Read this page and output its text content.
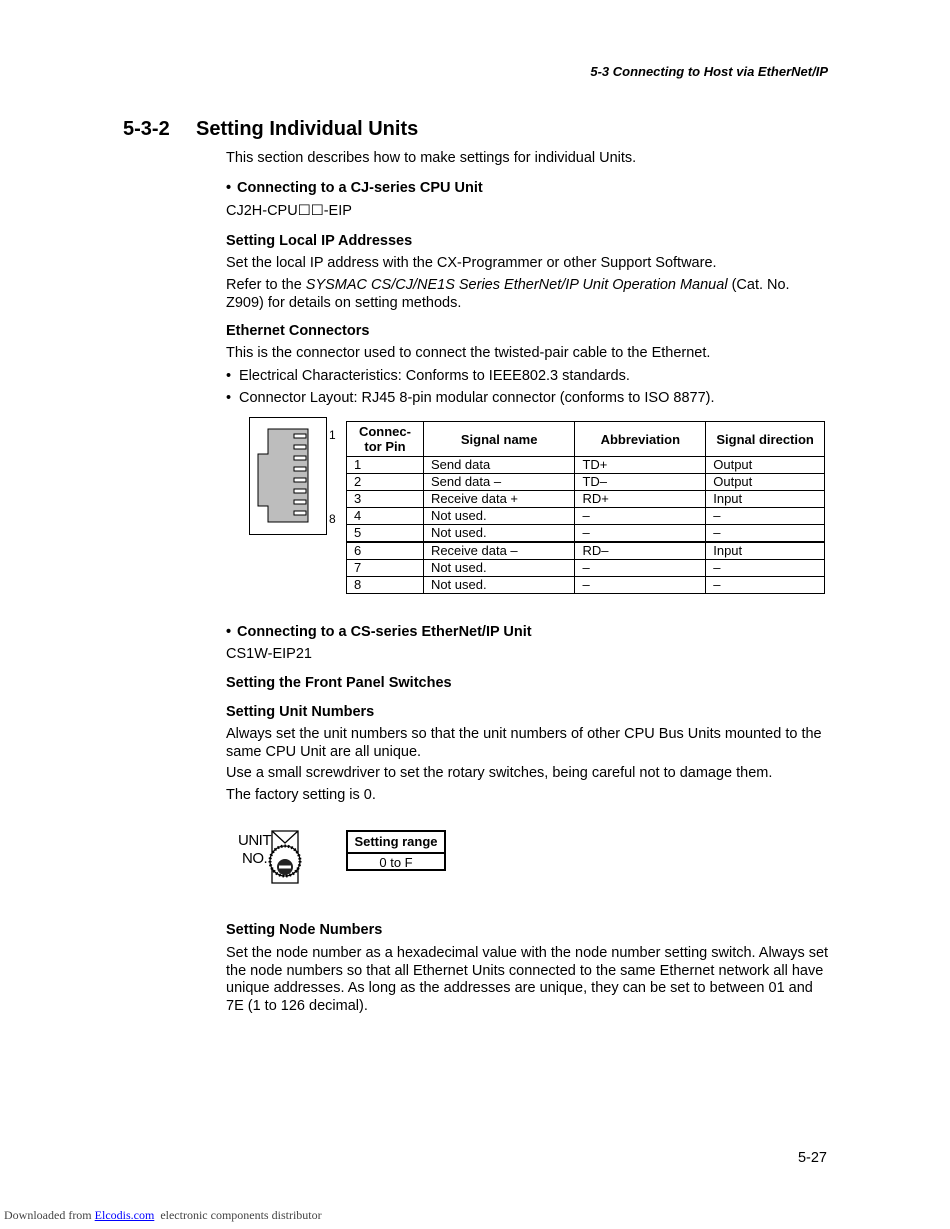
5-3 Connecting to Host via EtherNet/IP
5-3-2 Setting Individual Units
This section describes how to make settings for individual Units.
• Connecting to a CJ-series CPU Unit
CJ2H-CPU☐☐-EIP
Setting Local IP Addresses
Set the local IP address with the CX-Programmer or other Support Software.
Refer to the SYSMAC CS/CJ/NE1S Series EtherNet/IP Unit Operation Manual (Cat. No.
Z909) for details on setting methods.
Ethernet Connectors
This is the connector used to connect the twisted-pair cable to the Ethernet.
• Electrical Characteristics: Conforms to IEEE802.3 standards.
• Connector Layout: RJ45 8-pin modular connector (conforms to ISO 8877).
1
8
Connec-
tor Pin	Signal name	Abbreviation	Signal direction
1	Send data	TD+	Output
2	Send data –	TD–	Output
3	Receive data +	RD+	Input
4	Not used.	–	–
5	Not used.	–	–
6	Receive data –	RD–	Input
7	Not used.	–	–
8	Not used.	–	–
• Connecting to a CS-series EtherNet/IP Unit
CS1W-EIP21
Setting the Front Panel Switches
Setting Unit Numbers
Always set the unit numbers so that the unit numbers of other CPU Bus Units mounted to the same CPU Unit are all unique.
Use a small screwdriver to set the rotary switches, being careful not to damage them.
The factory setting is 0.
UNIT
NO.
Setting range
0 to F
Setting Node Numbers
Set the node number as a hexadecimal value with the node number setting switch. Always set the node numbers so that all Ethernet Units connected to the same Ethernet network all have unique addresses. As long as the addresses are unique, they can be set to between 01 and 7E (1 to 126 decimal).
5-27
Downloaded from Elcodis.com  electronic components distributor
